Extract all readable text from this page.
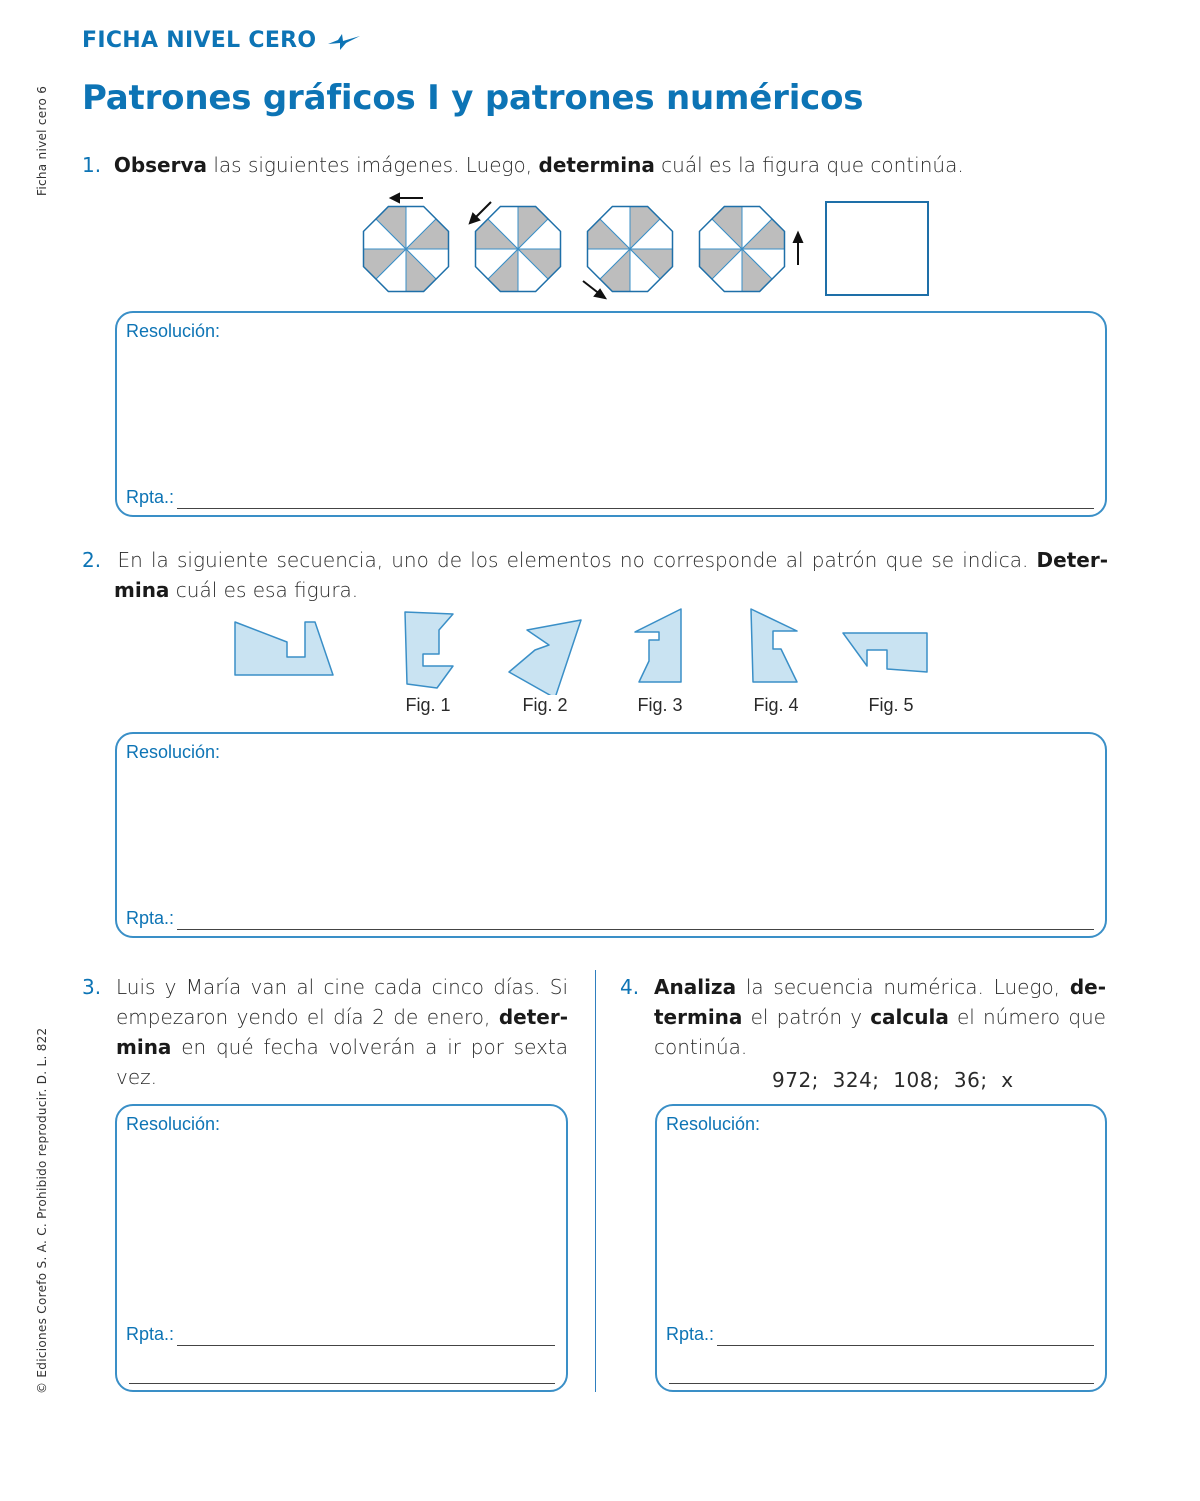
Ficha nivel cero 6
© Ediciones Corefo S. A. C. Prohibido reproducir. D. L. 822
FICHA NIVEL CERO
Patrones gráficos I y patrones numéricos
1. Observa las siguientes imágenes. Luego, determina cuál es la figura que continúa.
Resolución:
Rpta.:
2. En la siguiente secuencia, uno de los elementos no corresponde al patrón que se indica. Deter-
mina cuál es esa figura.
Fig. 1	Fig. 2	Fig. 3	Fig. 4	Fig. 5
Resolución:
Rpta.:
3. Luis y María van al cine cada cinco días. Si empezaron yendo el día 2 de enero, deter- mina en qué fecha volverán a ir por sexta vez.
4. Analiza la secuencia numérica. Luego, de- termina el patrón y calcula el número que continúa.
972;  324;  108;  36;  x
Resolución:
Rpta.:
Resolución:
Rpta.:
